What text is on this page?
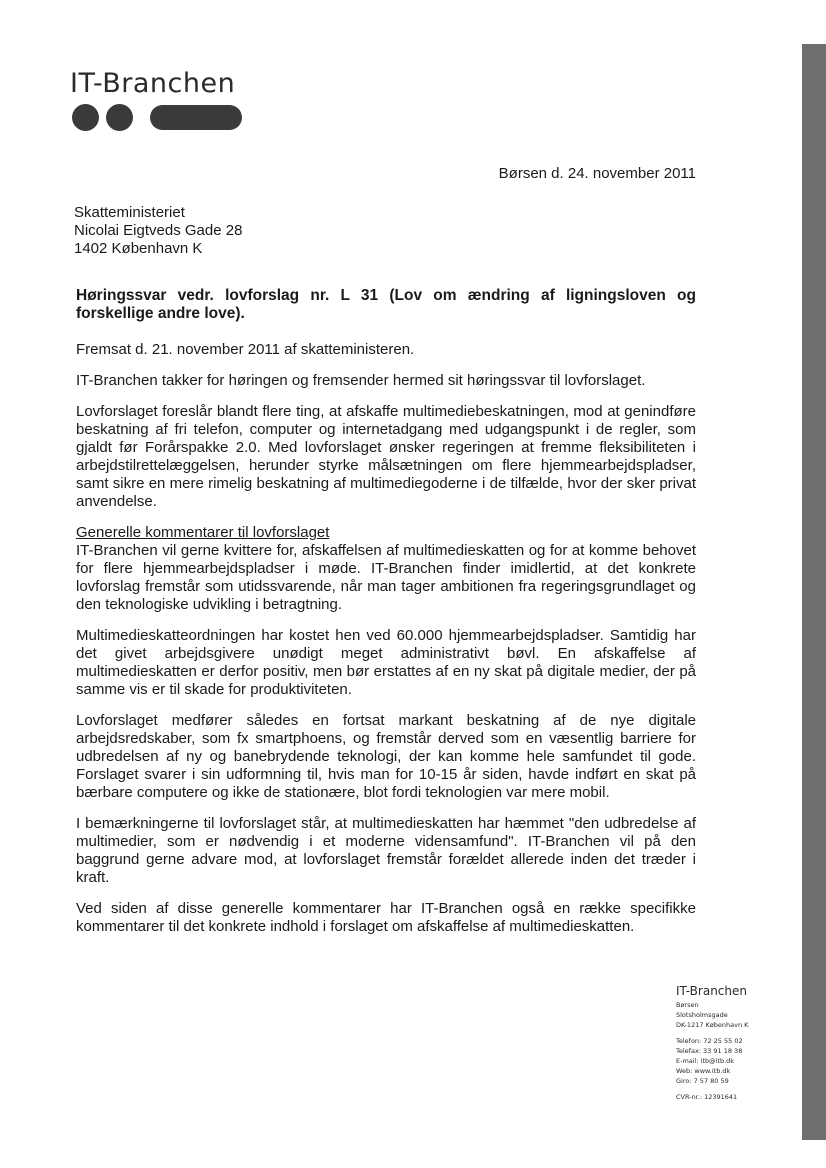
IT-Branchen
Børsen d. 24. november 2011
Skatteministeriet
Nicolai Eigtveds Gade 28
1402 København K
Høringssvar vedr. lovforslag nr. L 31 (Lov om ændring af ligningsloven og forskellige andre love).
Fremsat d. 21. november 2011 af skatteministeren.
IT-Branchen takker for høringen og fremsender hermed sit høringssvar til lovforslaget.
Lovforslaget foreslår blandt flere ting, at afskaffe multimediebeskatningen, mod at genindføre beskatning af fri telefon, computer og internetadgang med udgangspunkt i de regler, som gjaldt før Forårspakke 2.0. Med lovforslaget ønsker regeringen at fremme fleksibiliteten i arbejdstilrettelæggelsen, herunder styrke målsætningen om flere hjemmearbejdspladser, samt sikre en mere rimelig beskatning af multimediegoderne i de tilfælde, hvor der sker privat anvendelse.
Generelle kommentarer til lovforslaget
IT-Branchen vil gerne kvittere for, afskaffelsen af multimedieskatten og for at komme behovet for flere hjemmearbejdspladser i møde. IT-Branchen finder imidlertid, at det konkrete lovforslag fremstår som utidssvarende, når man tager ambitionen fra regeringsgrundlaget og den teknologiske udvikling i betragtning.
Multimedieskatteordningen har kostet hen ved 60.000 hjemmearbejdspladser. Samtidig har det givet arbejdsgivere unødigt meget administrativt bøvl. En afskaffelse af multimedieskatten er derfor positiv, men bør erstattes af en ny skat på digitale medier, der på samme vis er til skade for produktiviteten.
Lovforslaget medfører således en fortsat markant beskatning af de nye digitale arbejdsredskaber, som fx smartphoens, og fremstår derved som en væsentlig barriere for udbredelsen af ny og banebrydende teknologi, der kan komme hele samfundet til gode. Forslaget svarer i sin udformning til, hvis man for 10-15 år siden, havde indført en skat på bærbare computere og ikke de stationære, blot fordi teknologien var mere mobil.
I bemærkningerne til lovforslaget står, at multimedieskatten har hæmmet "den udbredelse af multimedier, som er nødvendig i et moderne vidensamfund". IT-Branchen vil på den baggrund gerne advare mod, at lovforslaget fremstår forældet allerede inden det træder i kraft.
Ved siden af disse generelle kommentarer har IT-Branchen også en række specifikke kommentarer til det konkrete indhold i forslaget om afskaffelse af multimedieskatten.
IT-Branchen
Børsen
Slotsholmsgade
DK-1217 København K
Telefon: 72 25 55 02
Telefax: 33 91 18 38
E-mail: itb@itb.dk
Web: www.itb.dk
Giro: 7 57 80 59
CVR-nr.: 12391641
